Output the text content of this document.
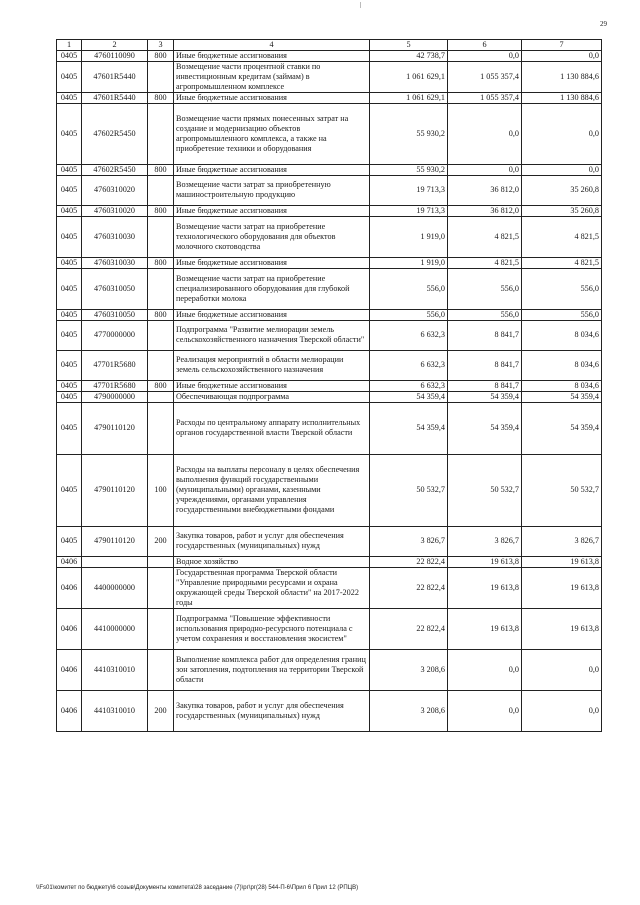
29
1	2	3	4	5	6	7
0405	4760110090	800	Иные бюджетные ассигнования	42 738,7	0,0	0,0
0405	47601R5440		Возмещение части процентной ставки по инвестиционным кредитам (займам) в агропромышленном комплексе	1 061 629,1	1 055 357,4	1 130 884,6
0405	47601R5440	800	Иные бюджетные ассигнования	1 061 629,1	1 055 357,4	1 130 884,6
0405	47602R5450		Возмещение части прямых понесенных затрат на создание и модернизацию объектов агропромышленного комплекса, а также на приобретение техники и оборудования	55 930,2	0,0	0,0
0405	47602R5450	800	Иные бюджетные ассигнования	55 930,2	0,0	0,0
0405	4760310020		Возмещение части затрат за приобретенную машиностроительную продукцию	19 713,3	36 812,0	35 260,8
0405	4760310020	800	Иные бюджетные ассигнования	19 713,3	36 812,0	35 260,8
0405	4760310030		Возмещение части затрат на приобретение технологического оборудования для объектов молочного скотоводства	1 919,0	4 821,5	4 821,5
0405	4760310030	800	Иные бюджетные ассигнования	1 919,0	4 821,5	4 821,5
0405	4760310050		Возмещение части затрат на приобретение специализированного оборудования для глубокой переработки молока	556,0	556,0	556,0
0405	4760310050	800	Иные бюджетные ассигнования	556,0	556,0	556,0
0405	4770000000		Подпрограмма "Развитие мелиорации земель сельскохозяйственного назначения Тверской области"	6 632,3	8 841,7	8 034,6
0405	47701R5680		Реализация мероприятий в области мелиорации земель сельскохозяйственного назначения	6 632,3	8 841,7	8 034,6
0405	47701R5680	800	Иные бюджетные ассигнования	6 632,3	8 841,7	8 034,6
0405	4790000000		Обеспечивающая подпрограмма	54 359,4	54 359,4	54 359,4
0405	4790110120		Расходы по центральному аппарату исполнительных органов государственной власти Тверской области	54 359,4	54 359,4	54 359,4
0405	4790110120	100	Расходы на выплаты персоналу в целях обеспечения выполнения функций государственными (муниципальными) органами, казенными учреждениями, органами управления государственными внебюджетными фондами	50 532,7	50 532,7	50 532,7
0405	4790110120	200	Закупка товаров, работ и услуг для обеспечения государственных (муниципальных) нужд	3 826,7	3 826,7	3 826,7
0406			Водное хозяйство	22 822,4	19 613,8	19 613,8
0406	4400000000		Государственная программа Тверской области "Управление природными ресурсами и охрана окружающей среды Тверской области" на 2017-2022 годы	22 822,4	19 613,8	19 613,8
0406	4410000000		Подпрограмма "Повышение эффективности использования природно-ресурсного потенциала с учетом сохранения и восстановления экосистем"	22 822,4	19 613,8	19 613,8
0406	4410310010		Выполнение комплекса работ для определения границ зон затопления, подтопления на территории Тверской области	3 208,6	0,0	0,0
0406	4410310010	200	Закупка товаров, работ и услуг для обеспечения государственных (муниципальных) нужд	3 208,6	0,0	0,0
\\Fs01\комитет по бюджету\6 созыв\Документы комитета\28 заседание (7)\рг\рг(28) 544-П-6\Прил 6 Прил 12 (РПЦВ)
